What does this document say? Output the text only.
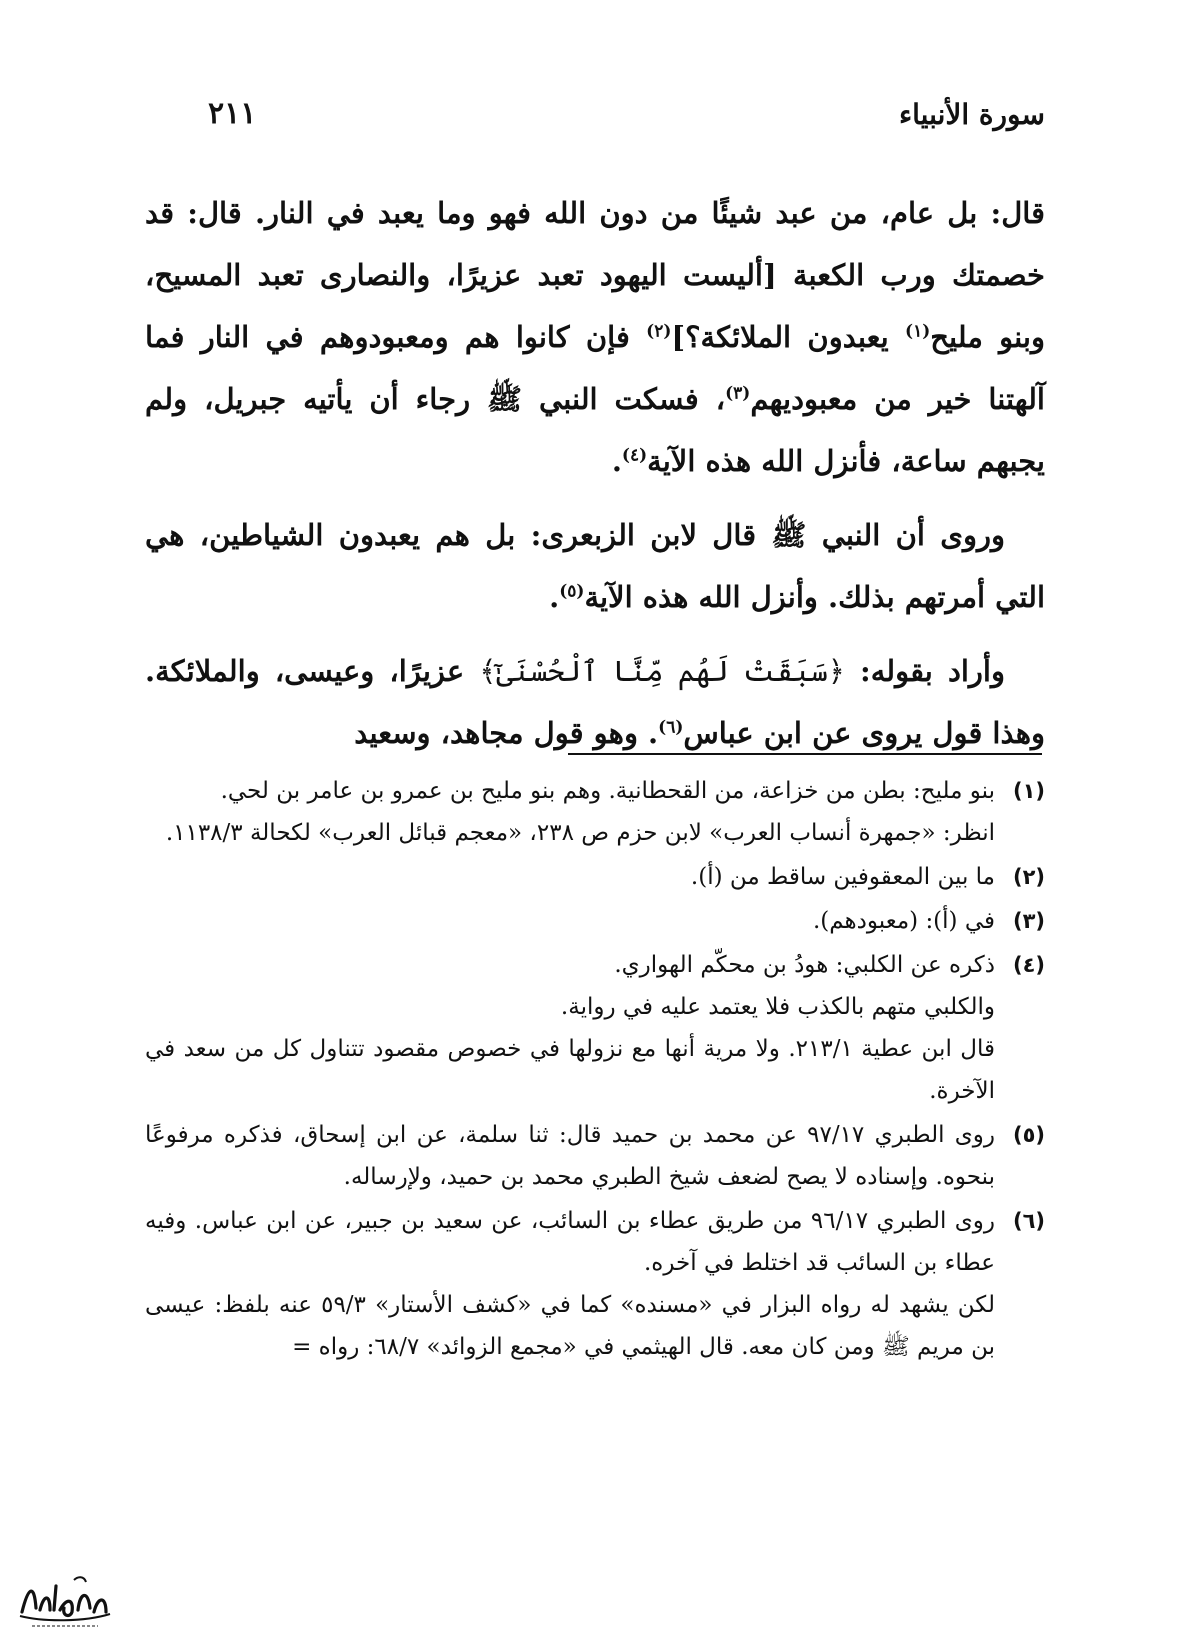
سورة الأنبياء
٢١١

قال: بل عام، من عبد شيئًا من دون الله فهو وما يعبد في النار. قال: قد خصمتك ورب الكعبة [أليست اليهود تعبد عزيرًا، والنصارى تعبد المسيح، وبنو مليح$^{(١)}$ يعبدون الملائكة؟]$^{(٢)}$ فإن كانوا هم ومعبودوهم في النار فما آلهتنا خير من معبوديهم$^{(٣)}$، فسكت النبي ﷺ رجاء أن يأتيه جبريل، ولم يجبهم ساعة، فأنزل الله هذه الآية$^{(٤)}$.

وروى أن النبي ﷺ قال لابن الزبعرى: بل هم يعبدون الشياطين، هي التي أمرتهم بذلك. وأنزل الله هذه الآية$^{(٥)}$.

وأراد بقوله: ﴿سَبَقَتْ لَهُم مِّنَّا ٱلْحُسْنَىٰٓ﴾ عزيرًا، وعيسى، والملائكة. وهذا قول يروى عن ابن عباس$^{(٦)}$. وهو قول مجاهد، وسعيد

(١)
بنو مليح: بطن من خزاعة، من القحطانية. وهم بنو مليح بن عمرو بن عامر بن لحي.
انظر: «جمهرة أنساب العرب» لابن حزم ص ٢٣٨، «معجم قبائل العرب» لكحالة ١١٣٨/٣.
(٢)
ما بين المعقوفين ساقط من (أ).
(٣)
في (أ): (معبودهم).
(٤)
ذكره عن الكلبي: هودُ بن محكّم الهواري.
والكلبي متهم بالكذب فلا يعتمد عليه في رواية.
قال ابن عطية ٢١٣/١. ولا مرية أنها مع نزولها في خصوص مقصود تتناول كل من سعد في الآخرة.
(٥)
روى الطبري ٩٧/١٧ عن محمد بن حميد قال: ثنا سلمة، عن ابن إسحاق، فذكره مرفوعًا بنحوه. وإسناده لا يصح لضعف شيخ الطبري محمد بن حميد، ولإرساله.
(٦)
روى الطبري ٩٦/١٧ من طريق عطاء بن السائب، عن سعيد بن جبير، عن ابن عباس. وفيه عطاء بن السائب قد اختلط في آخره.
لكن يشهد له رواه البزار في «مسنده» كما في «كشف الأستار» ٥٩/٣ عنه بلفظ: عيسى بن مريم ﷺ ومن كان معه. قال الهيثمي في «مجمع الزوائد» ٦٨/٧: رواه =
